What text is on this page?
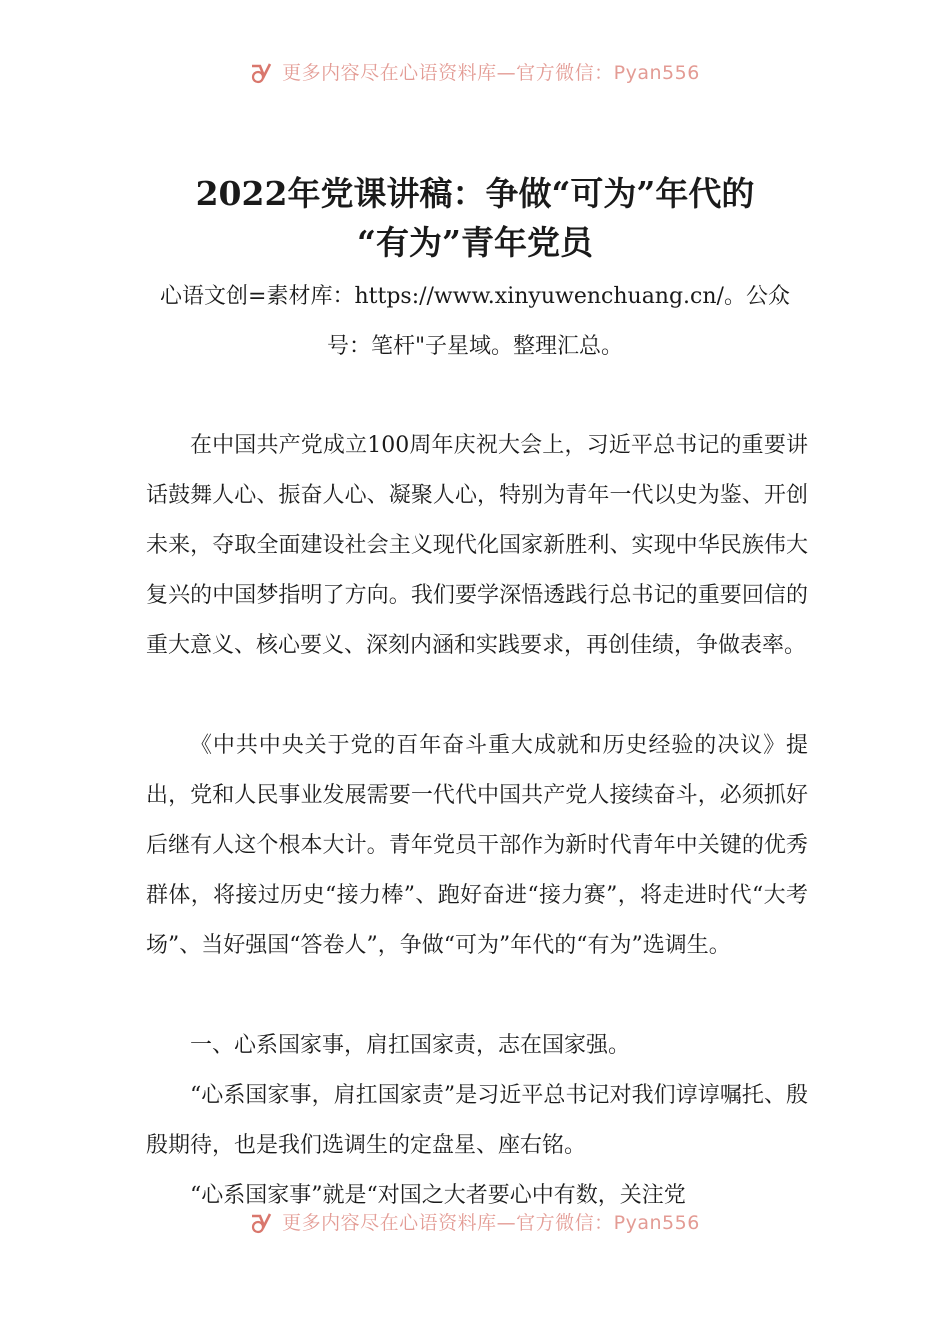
更多内容尽在心语资料库—官方微信：Pyan556
2022年党课讲稿：争做“可为”年代的
“有为”青年党员
心语文创=素材库：https://www.xinyuwenchuang.cn/。公众号：笔杆"子星域。整理汇总。

在中国共产党成立100周年庆祝大会上，习近平总书记的重要讲话鼓舞人心、振奋人心、凝聚人心，特别为青年一代以史为鉴、开创未来，夺取全面建设社会主义现代化国家新胜利、实现中华民族伟大复兴的中国梦指明了方向。我们要学深悟透践行总书记的重要回信的重大意义、核心要义、深刻内涵和实践要求，再创佳绩，争做表率。

《中共中央关于党的百年奋斗重大成就和历史经验的决议》提出，党和人民事业发展需要一代代中国共产党人接续奋斗，必须抓好后继有人这个根本大计。青年党员干部作为新时代青年中关键的优秀群体，将接过历史“接力棒”、跑好奋进“接力赛”，将走进时代“大考场”、当好强国“答卷人”，争做“可为”年代的“有为”选调生。

一、心系国家事，肩扛国家责，志在国家强。

“心系国家事，肩扛国家责”是习近平总书记对我们谆谆嘱托、殷殷期待，也是我们选调生的定盘星、座右铭。

“心系国家事”就是“对国之大者要心中有数，关注党

更多内容尽在心语资料库—官方微信：Pyan556
